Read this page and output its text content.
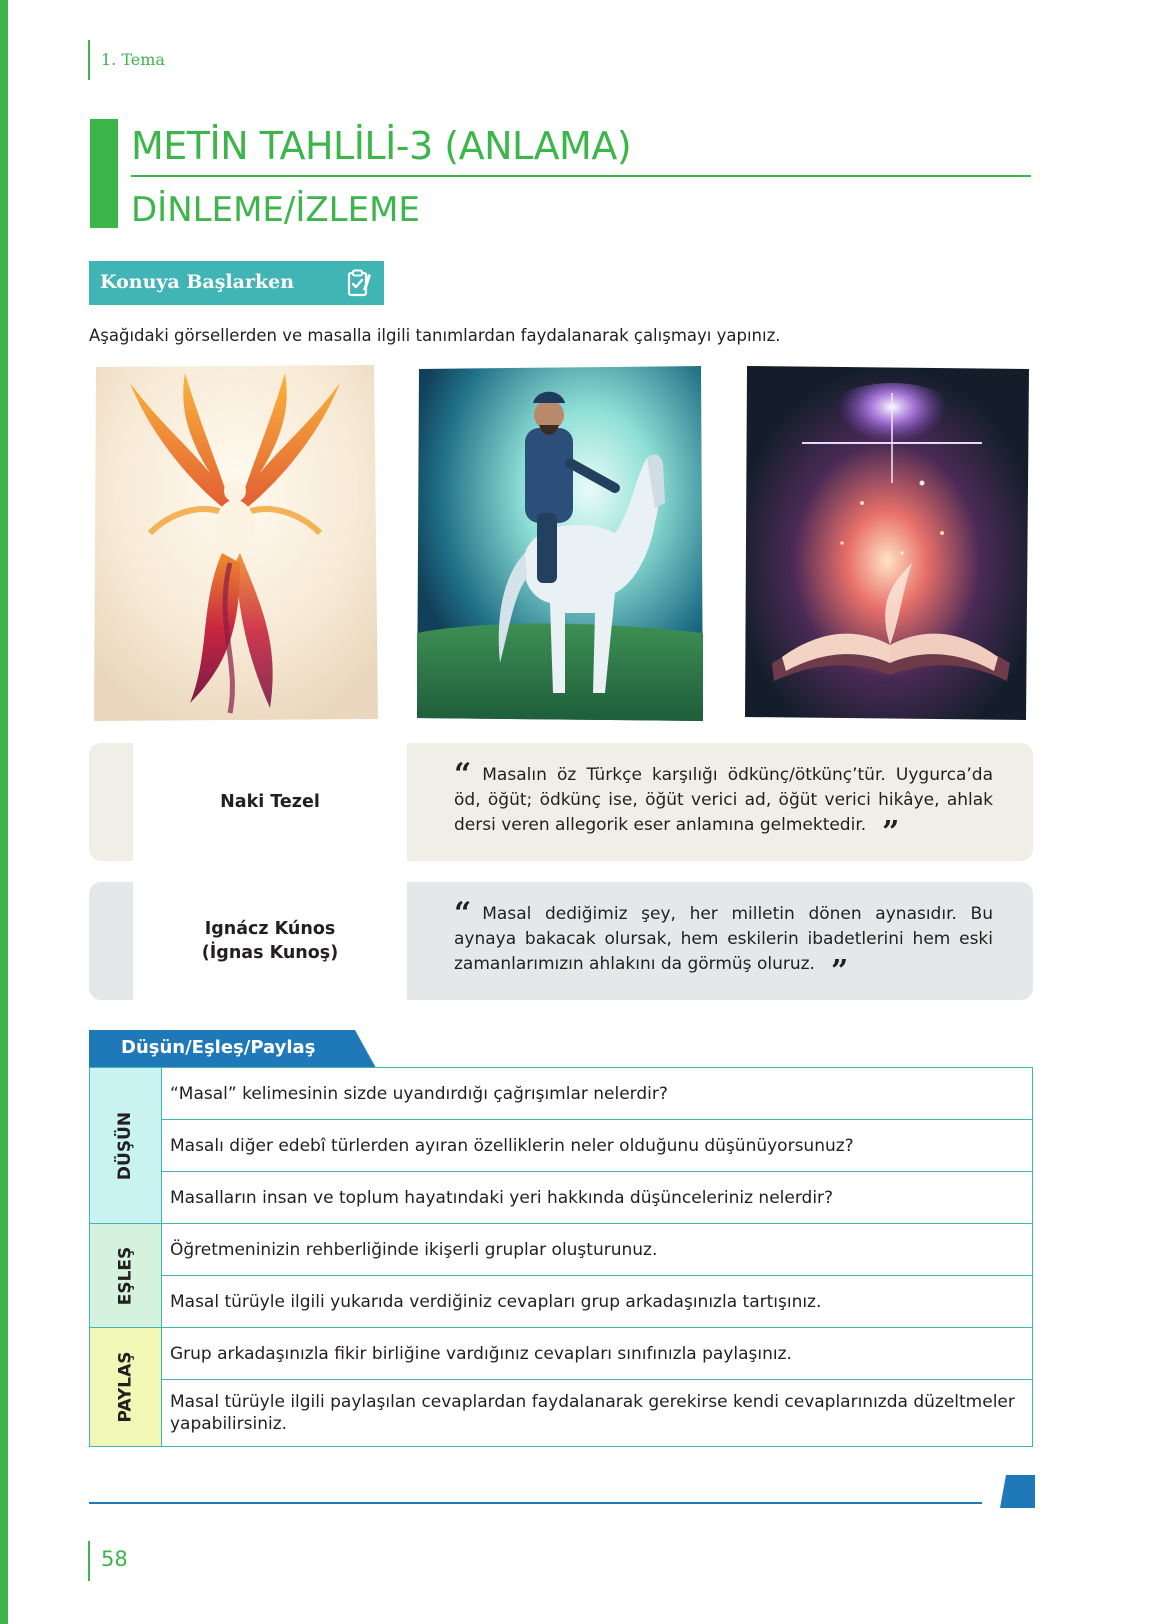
1. Tema
METİN TAHLİLİ-3 (ANLAMA)
DİNLEME/İZLEME
Konuya Başlarken
Aşağıdaki görsellerden ve masalla ilgili tanımlardan faydalanarak çalışmayı yapınız.
Naki Tezel
“ Masalın öz Türkçe karşılığı ödkünç/ötkünç’tür. Uygurca’da öd, öğüt; ödkünç ise, öğüt verici ad, öğüt verici hikâye, ahlak dersi veren allegorik eser anlamına gelmektedir. ”
Ignácz Kúnos
(İgnas Kunoş)
“ Masal dediğimiz şey, her milletin dönen aynasıdır. Bu aynaya bakacak olursak, hem eskilerin ibadetlerini hem eski zamanlarımızın ahlakını da görmüş oluruz. ”
Düşün/Eşleş/Paylaş
DÜŞÜN	“Masal” kelimesinin sizde uyandırdığı çağrışımlar nelerdir?
	Masalı diğer edebî türlerden ayıran özelliklerin neler olduğunu düşünüyorsunuz?
	Masalların insan ve toplum hayatındaki yeri hakkında düşünceleriniz nelerdir?
EŞLEŞ	Öğretmeninizin rehberliğinde ikişerli gruplar oluşturunuz.
	Masal türüyle ilgili yukarıda verdiğiniz cevapları grup arkadaşınızla tartışınız.
PAYLAŞ	Grup arkadaşınızla fikir birliğine vardığınız cevapları sınıfınızla paylaşınız.
	Masal türüyle ilgili paylaşılan cevaplardan faydalanarak gerekirse kendi cevaplarınızda düzeltmeler yapabilirsiniz.
58
